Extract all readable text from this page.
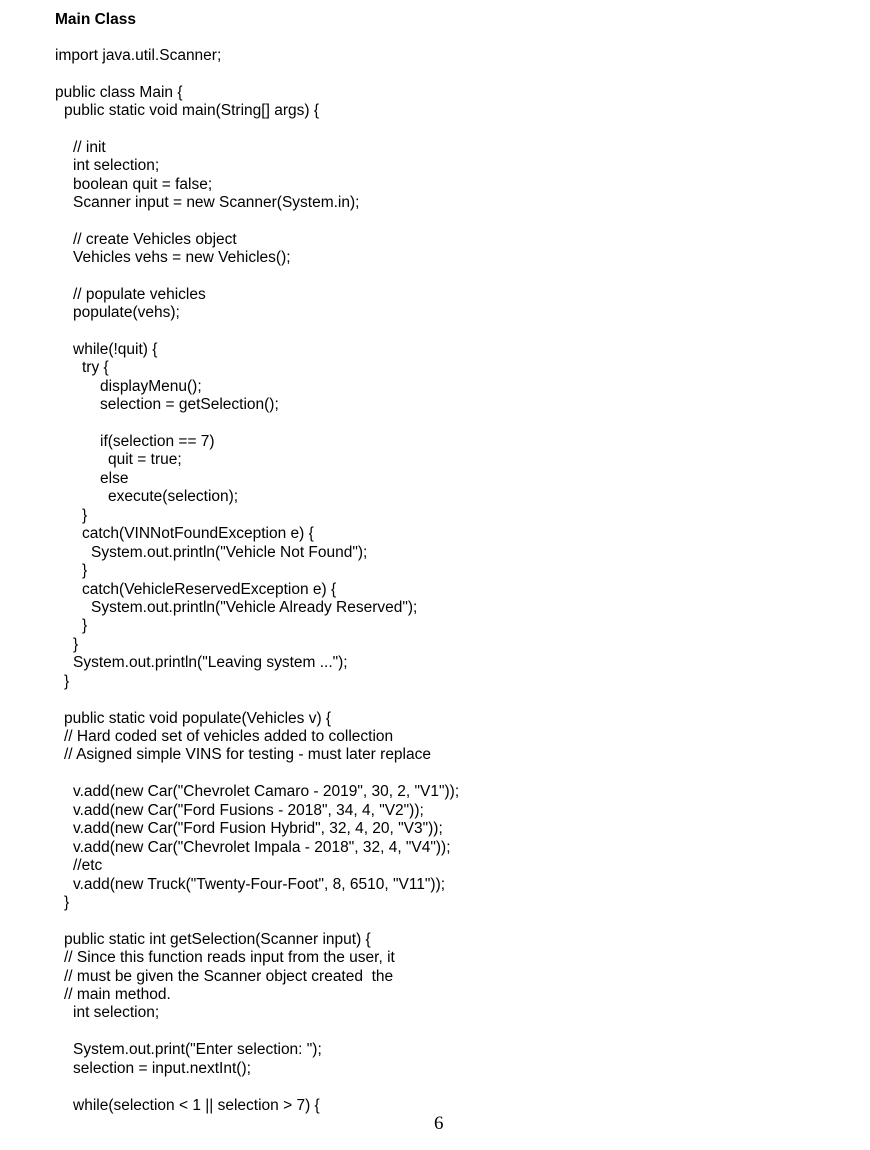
Main Class
import java.util.Scanner;
public class Main {
public static void main(String[] args) {
// init
int selection;
boolean quit = false;
Scanner input = new Scanner(System.in);
// create Vehicles object
Vehicles vehs = new Vehicles();
// populate vehicles
populate(vehs);
while(!quit) {
try {
displayMenu();
selection = getSelection();
if(selection == 7)
quit = true;
else
execute(selection);
}
catch(VINNotFoundException e) {
System.out.println("Vehicle Not Found");
}
catch(VehicleReservedException e) {
System.out.println("Vehicle Already Reserved");
}
}
System.out.println("Leaving system ...");
}
public static void populate(Vehicles v) {
// Hard coded set of vehicles added to collection
// Asigned simple VINS for testing - must later replace
v.add(new Car("Chevrolet Camaro - 2019", 30, 2, "V1"));
v.add(new Car("Ford Fusions - 2018", 34, 4, "V2"));
v.add(new Car("Ford Fusion Hybrid", 32, 4, 20, "V3"));
v.add(new Car("Chevrolet Impala - 2018", 32, 4, "V4"));
//etc
v.add(new Truck("Twenty-Four-Foot", 8, 6510, "V11"));
}
public static int getSelection(Scanner input) {
// Since this function reads input from the user, it
// must be given the Scanner object created  the
// main method.
int selection;
System.out.print("Enter selection: ");
selection = input.nextInt();
while(selection < 1 || selection > 7) {
6
